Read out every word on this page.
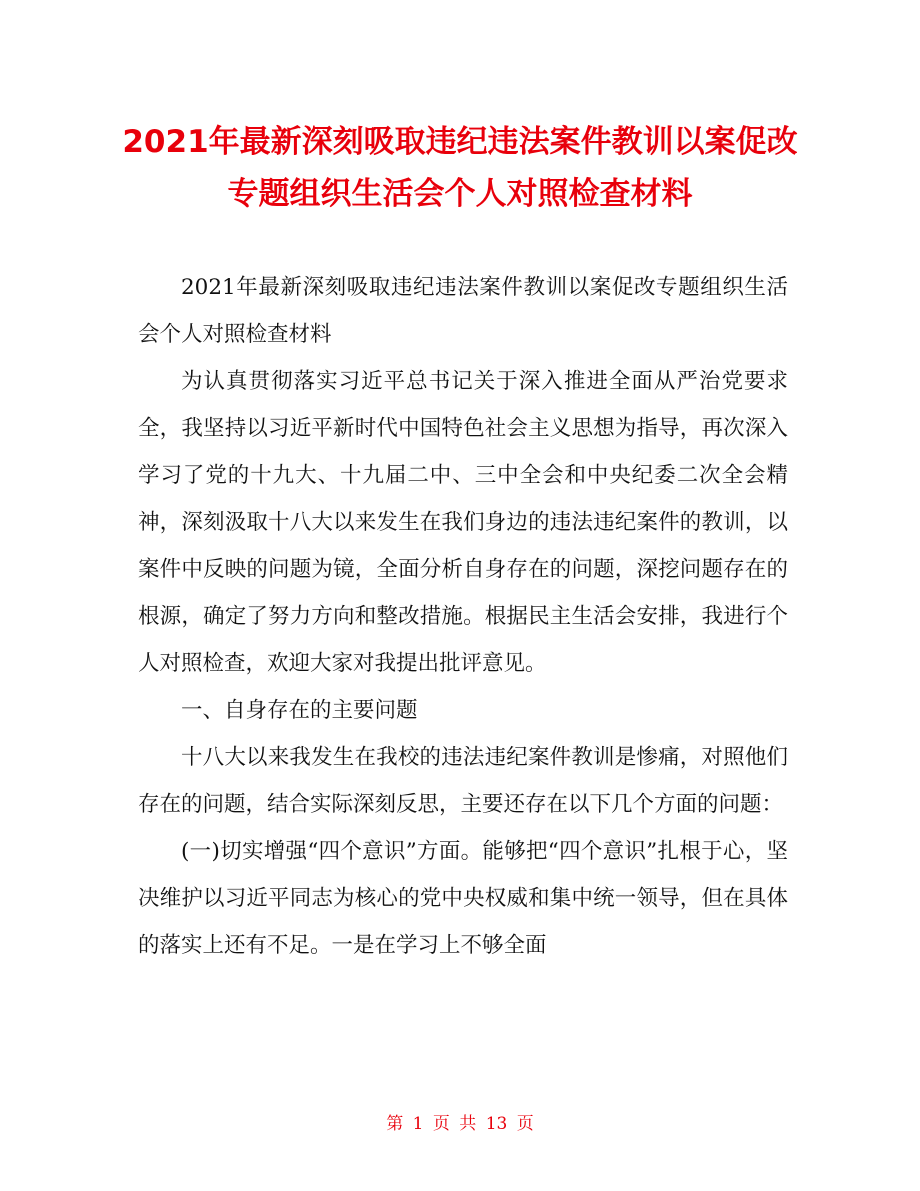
2021年最新深刻吸取违纪违法案件教训以案促改专题组织生活会个人对照检查材料

2021年最新深刻吸取违纪违法案件教训以案促改专题组织生活会个人对照检查材料

为认真贯彻落实习近平总书记关于深入推进全面从严治党要求全，我坚持以习近平新时代中国特色社会主义思想为指导，再次深入学习了党的十九大、十九届二中、三中全会和中央纪委二次全会精神，深刻汲取十八大以来发生在我们身边的违法违纪案件的教训，以案件中反映的问题为镜，全面分析自身存在的问题，深挖问题存在的根源，确定了努力方向和整改措施。根据民主生活会安排，我进行个人对照检查，欢迎大家对我提出批评意见。

一、自身存在的主要问题

十八大以来我发生在我校的违法违纪案件教训是惨痛，对照他们存在的问题，结合实际深刻反思，主要还存在以下几个方面的问题：

(一)切实增强“四个意识”方面。能够把“四个意识”扎根于心，坚决维护以习近平同志为核心的党中央权威和集中统一领导，但在具体的落实上还有不足。一是在学习上不够全面

第 1 页 共 13 页
